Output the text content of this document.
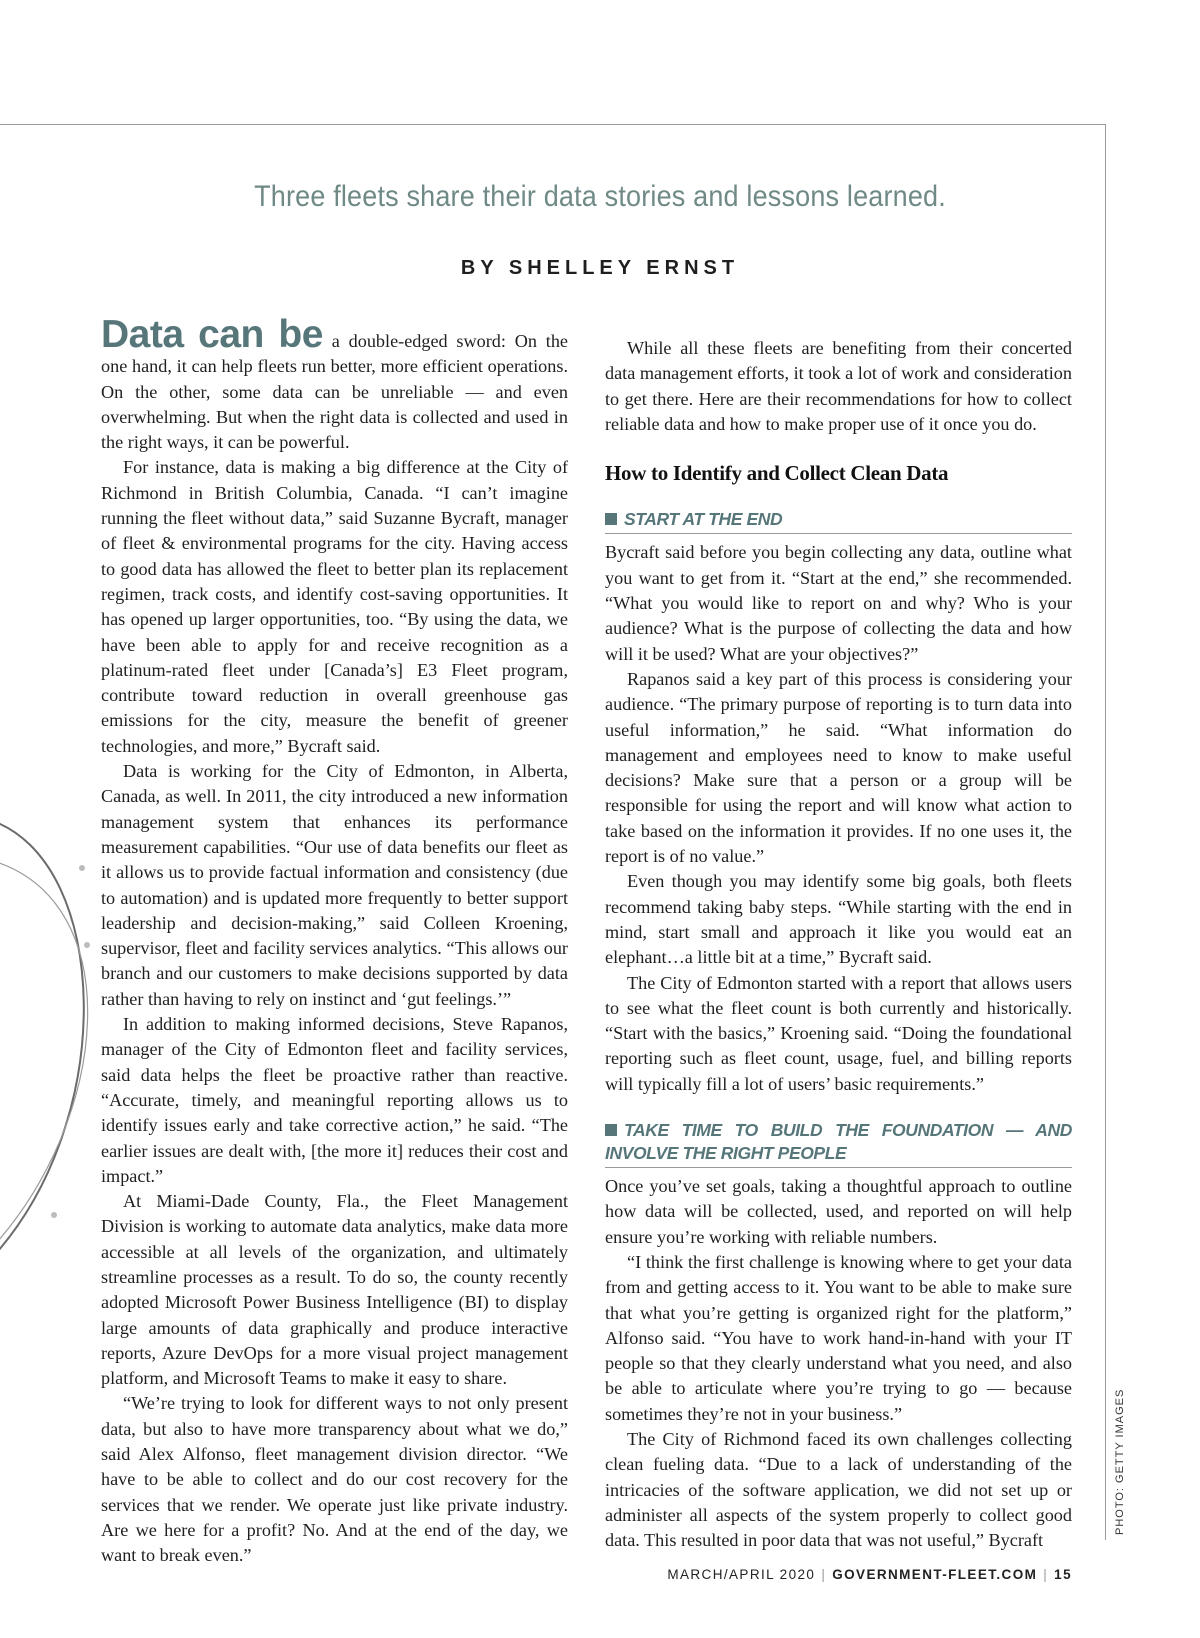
Three fleets share their data stories and lessons learned.
BY SHELLEY ERNST

Data can be a double-edged sword: On the one hand, it can help fleets run better, more efficient operations. On the other, some data can be unreliable — and even overwhelming. But when the right data is collected and used in the right ways, it can be powerful.

For instance, data is making a big difference at the City of Richmond in British Columbia, Canada. “I can’t imagine running the fleet without data,” said Suzanne Bycraft, manager of fleet & environmental programs for the city. Having access to good data has allowed the fleet to better plan its replacement regimen, track costs, and identify cost-saving opportunities. It has opened up larger opportunities, too. “By using the data, we have been able to apply for and receive recognition as a platinum-rated fleet under [Canada’s] E3 Fleet program, contribute toward reduction in overall greenhouse gas emissions for the city, measure the benefit of greener technologies, and more,” Bycraft said.

Data is working for the City of Edmonton, in Alberta, Canada, as well. In 2011, the city introduced a new information management system that enhances its performance measurement capabilities. “Our use of data benefits our fleet as it allows us to provide factual information and consistency (due to automation) and is updated more frequently to better support leadership and decision-making,” said Colleen Kroening, supervisor, fleet and facility services analytics. “This allows our branch and our customers to make decisions supported by data rather than having to rely on instinct and ‘gut feelings.’”

In addition to making informed decisions, Steve Rapanos, manager of the City of Edmonton fleet and facility services, said data helps the fleet be proactive rather than reactive. “Accurate, timely, and meaningful reporting allows us to identify issues early and take corrective action,” he said. “The earlier issues are dealt with, [the more it] reduces their cost and impact.”

At Miami-Dade County, Fla., the Fleet Management Division is working to automate data analytics, make data more accessible at all levels of the organization, and ultimately streamline processes as a result. To do so, the county recently adopted Microsoft Power Business Intelligence (BI) to display large amounts of data graphically and produce interactive reports, Azure DevOps for a more visual project management platform, and Microsoft Teams to make it easy to share.

“We’re trying to look for different ways to not only present data, but also to have more transparency about what we do,” said Alex Alfonso, fleet management division director. “We have to be able to collect and do our cost recovery for the services that we render. We operate just like private industry. Are we here for a profit? No. And at the end of the day, we want to break even.”

While all these fleets are benefiting from their concerted data management efforts, it took a lot of work and consideration to get there. Here are their recommendations for how to collect reliable data and how to make proper use of it once you do.

How to Identify and Collect Clean Data
START AT THE END

Bycraft said before you begin collecting any data, outline what you want to get from it. “Start at the end,” she recommended. “What you would like to report on and why? Who is your audience? What is the purpose of collecting the data and how will it be used? What are your objectives?”

Rapanos said a key part of this process is considering your audience. “The primary purpose of reporting is to turn data into useful information,” he said. “What information do management and employees need to know to make useful decisions? Make sure that a person or a group will be responsible for using the report and will know what action to take based on the information it provides. If no one uses it, the report is of no value.”

Even though you may identify some big goals, both fleets recommend taking baby steps. “While starting with the end in mind, start small and approach it like you would eat an elephant…a little bit at a time,” Bycraft said.

The City of Edmonton started with a report that allows users to see what the fleet count is both currently and historically. “Start with the basics,” Kroening said. “Doing the foundational reporting such as fleet count, usage, fuel, and billing reports will typically fill a lot of users’ basic requirements.”

TAKE TIME TO BUILD THE FOUNDATION — AND INVOLVE THE RIGHT PEOPLE

Once you’ve set goals, taking a thoughtful approach to outline how data will be collected, used, and reported on will help ensure you’re working with reliable numbers.

“I think the first challenge is knowing where to get your data from and getting access to it. You want to be able to make sure that what you’re getting is organized right for the platform,” Alfonso said. “You have to work hand-in-hand with your IT people so that they clearly understand what you need, and also be able to articulate where you’re trying to go — because sometimes they’re not in your business.”

The City of Richmond faced its own challenges collecting clean fueling data. “Due to a lack of understanding of the intricacies of the software application, we did not set up or administer all aspects of the system properly to collect good data. This resulted in poor data that was not useful,” Bycraft

PHOTO: GETTY IMAGES
MARCH/APRIL 2020 | GOVERNMENT-FLEET.COM | 15
